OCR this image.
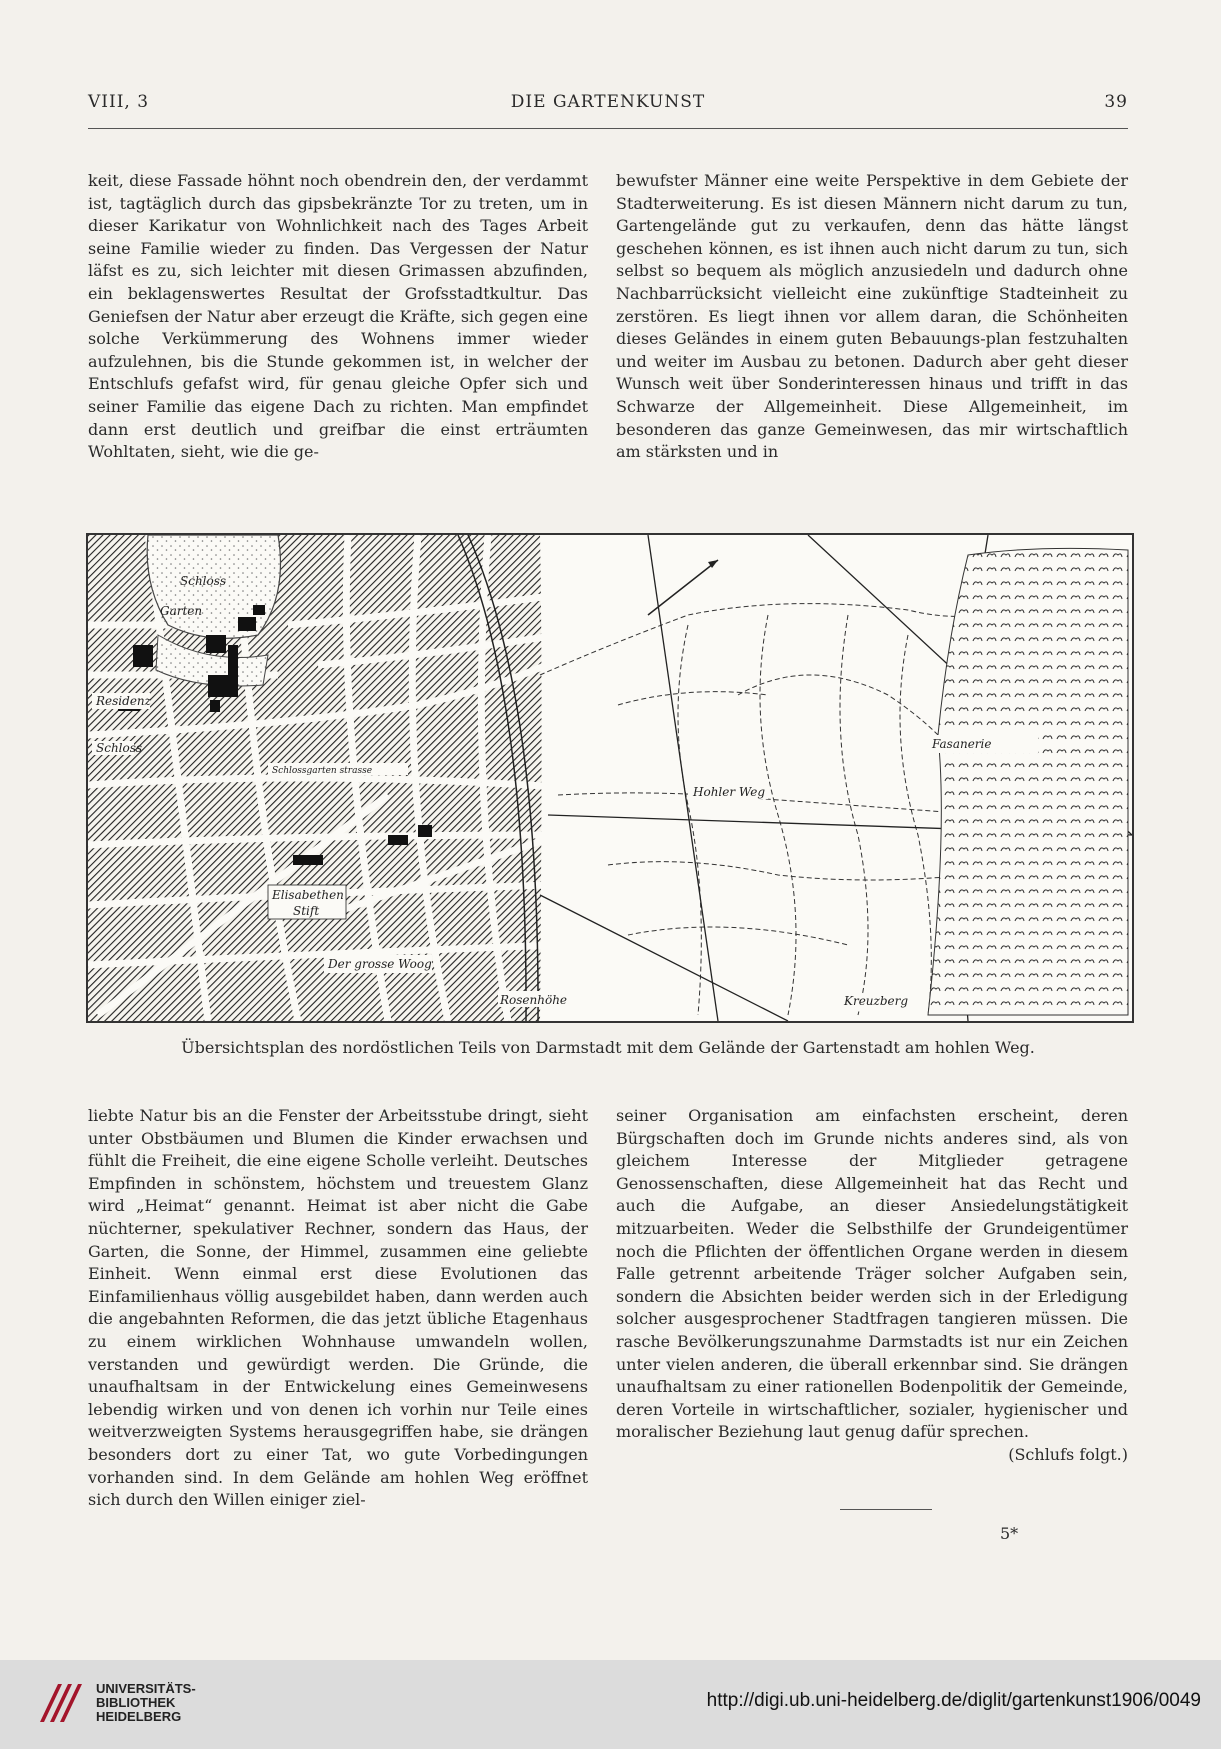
VIII, 3	DIE GARTENKUNST	39

keit, diese Fassade höhnt noch obendrein den, der verdammt ist, tagtäglich durch das gipsbekränzte Tor zu treten, um in dieser Karikatur von Wohnlichkeit nach des Tages Arbeit seine Familie wieder zu finden. Das Vergessen der Natur läfst es zu, sich leichter mit diesen Grimassen abzufinden, ein beklagenswertes Resultat der Grofsstadtkultur. Das Geniefsen der Natur aber erzeugt die Kräfte, sich gegen eine solche Verkümmerung des Wohnens immer wieder aufzulehnen, bis die Stunde gekommen ist, in welcher der Entschlufs gefafst wird, für genau gleiche Opfer sich und seiner Familie das eigene Dach zu richten. Man empfindet dann erst deutlich und greifbar die einst erträumten Wohltaten, sieht, wie die ge-

bewufster Männer eine weite Perspektive in dem Gebiete der Stadterweiterung. Es ist diesen Männern nicht darum zu tun, Gartengelände gut zu verkaufen, denn das hätte längst geschehen können, es ist ihnen auch nicht darum zu tun, sich selbst so bequem als möglich anzusiedeln und dadurch ohne Nachbarrücksicht vielleicht eine zukünftige Stadteinheit zu zerstören. Es liegt ihnen vor allem daran, die Schönheiten dieses Geländes in einem guten Bebauungs-plan festzuhalten und weiter im Ausbau zu betonen. Dadurch aber geht dieser Wunsch weit über Sonderinteressen hinaus und trifft in das Schwarze der Allgemeinheit. Diese Allgemeinheit, im besonderen das ganze Gemeinwesen, das mir wirtschaftlich am stärksten und in

Schloss
Garten
Residenz
Schloss
Elisabethen
Stift
Der grosse Woog
Rosenhöhe
Hohler Weg
Fasanerie
Kreuzberg
Schlossgarten strasse
Übersichtsplan des nordöstlichen Teils von Darmstadt mit dem Gelände der Gartenstadt am hohlen Weg.

liebte Natur bis an die Fenster der Arbeitsstube dringt, sieht unter Obstbäumen und Blumen die Kinder erwachsen und fühlt die Freiheit, die eine eigene Scholle verleiht. Deutsches Empfinden in schönstem, höchstem und treuestem Glanz wird „Heimat“ genannt. Heimat ist aber nicht die Gabe nüchterner, spekulativer Rechner, sondern das Haus, der Garten, die Sonne, der Himmel, zusammen eine geliebte Einheit. Wenn einmal erst diese Evolutionen das Einfamilienhaus völlig ausgebildet haben, dann werden auch die angebahnten Reformen, die das jetzt übliche Etagenhaus zu einem wirklichen Wohnhause umwandeln wollen, verstanden und gewürdigt werden. Die Gründe, die unaufhaltsam in der Entwickelung eines Gemeinwesens lebendig wirken und von denen ich vorhin nur Teile eines weitverzweigten Systems herausgegriffen habe, sie drängen besonders dort zu einer Tat, wo gute Vorbedingungen vorhanden sind. In dem Gelände am hohlen Weg eröffnet sich durch den Willen einiger ziel-

seiner Organisation am einfachsten erscheint, deren Bürgschaften doch im Grunde nichts anderes sind, als von gleichem Interesse der Mitglieder getragene Genossenschaften, diese Allgemeinheit hat das Recht und auch die Aufgabe, an dieser Ansiedelungstätigkeit mitzuarbeiten. Weder die Selbsthilfe der Grundeigentümer noch die Pflichten der öffentlichen Organe werden in diesem Falle getrennt arbeitende Träger solcher Aufgaben sein, sondern die Absichten beider werden sich in der Erledigung solcher ausgesprochener Stadtfragen tangieren müssen. Die rasche Bevölkerungszunahme Darmstadts ist nur ein Zeichen unter vielen anderen, die überall erkennbar sind. Sie drängen unaufhaltsam zu einer rationellen Bodenpolitik der Gemeinde, deren Vorteile in wirtschaftlicher, sozialer, hygienischer und moralischer Beziehung laut genug dafür sprechen.

(Schlufs folgt.)

5*
UNIVERSITÄTS-
BIBLIOTHEK
HEIDELBERG
http://digi.ub.uni-heidelberg.de/diglit/gartenkunst1906/0049
